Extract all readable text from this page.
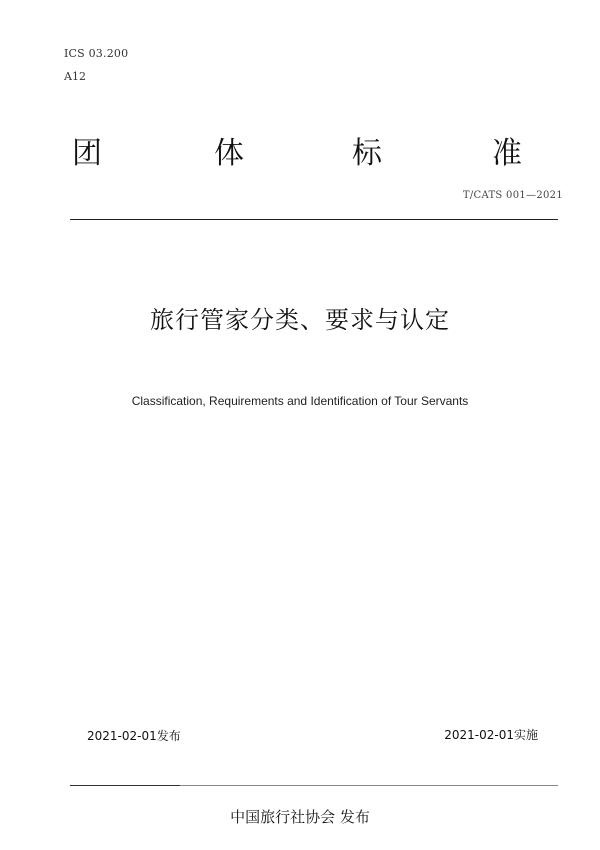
ICS 03.200
A12
团	体	标	准
T/CATS 001—2021
旅行管家分类、要求与认定
Classification, Requirements and Identification of Tour Servants
2021-02-01发布	2021-02-01实施
中国旅行社协会 发布
